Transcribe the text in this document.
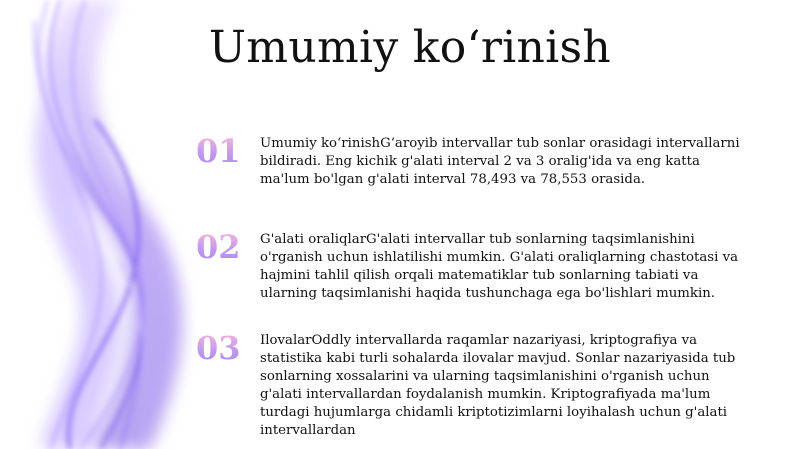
Umumiy koʻrinish
01	Umumiy koʻrinishGʻaroyib intervallar tub sonlar orasidagi intervallarni bildiradi. Eng kichik g'alati interval 2 va 3 oralig'ida va eng katta ma'lum bo'lgan g'alati interval 78,493 va 78,553 orasida.
02	G'alati oraliqlarG'alati intervallar tub sonlarning taqsimlanishini o'rganish uchun ishlatilishi mumkin. G'alati oraliqlarning chastotasi va hajmini tahlil qilish orqali matematiklar tub sonlarning tabiati va ularning taqsimlanishi haqida tushunchaga ega bo'lishlari mumkin.
03	IlovalarOddly intervallarda raqamlar nazariyasi, kriptografiya va statistika kabi turli sohalarda ilovalar mavjud. Sonlar nazariyasida tub sonlarning xossalarini va ularning taqsimlanishini o'rganish uchun g'alati intervallardan foydalanish mumkin. Kriptografiyada ma'lum turdagi hujumlarga chidamli kriptotizimlarni loyihalash uchun g'alati intervallardan
